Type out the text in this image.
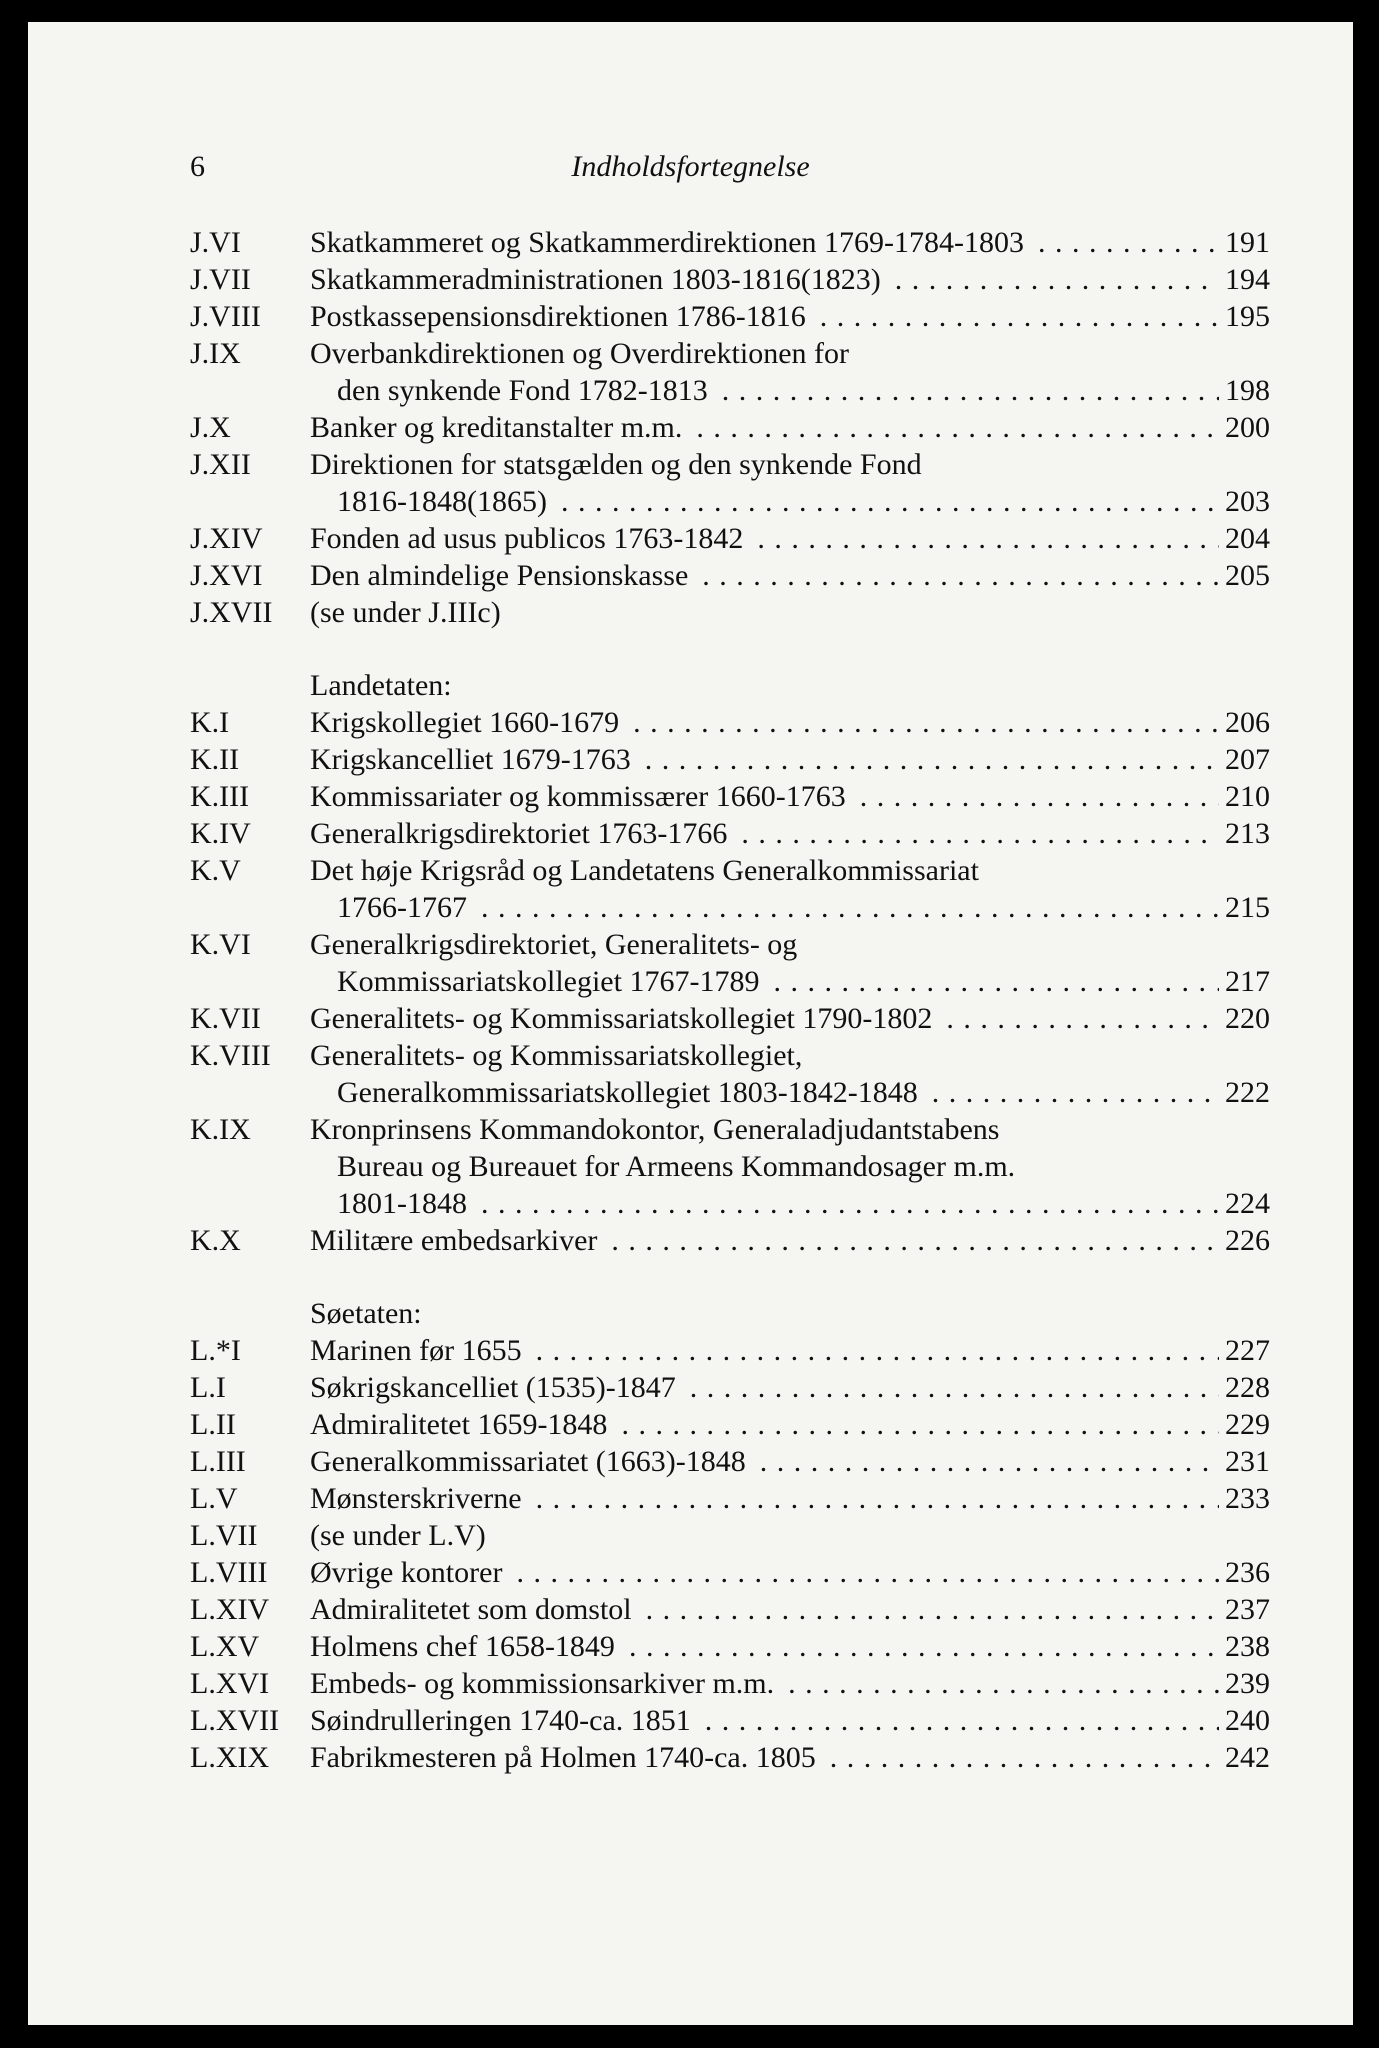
6	Indholdsfortegnelse
J.VI Skatkammeret og Skatkammerdirektionen 1769-1784-1803 . . .	191
J.VII Skatkammeradministrationen 1803-1816(1823) . . .	194
J.VIII Postkassepensionsdirektionen 1786-1816 . . .	195
J.IX Overbankdirektionen og Overdirektionen for
den synkende Fond 1782-1813 . . .	198
J.X	Banker og kreditanstalter m.m. . . .	200
J.XII Direktionen for statsgælden og den synkende Fond
1816-1848(1865) . . .	203
J.XIV Fonden ad usus publicos 1763-1842 . . .	204
J.XVI Den almindelige Pensionskasse . . .	205
J.XVII (se under J.IIIc)
Landetaten:
K.I	Krigskollegiet 1660-1679 . . .	206
K.II Krigskancelliet 1679-1763 . . .	207
K.III Kommissariater og kommissærer 1660-1763 . . .	210
K.IV Generalkrigsdirektoriet 1763-1766 . . .	213
K.V Det høje Krigsråd og Landetatens Generalkommissariat
1766-1767 . . .	215
K.VI Generalkrigsdirektoriet, Generalitets- og
Kommissariatskollegiet 1767-1789 . . .	217
K.VII Generalitets- og Kommissariatskollegiet 1790-1802 . . .	220
K.VIII Generalitets- og Kommissariatskollegiet,
Generalkommissariatskollegiet 1803-1842-1848 . . .	222
K.IX Kronprinsens Kommandokontor, Generaladjudantstabens
Bureau og Bureauet for Armeens Kommandosager m.m.
1801-1848 . . .	224
K.X Militære embedsarkiver . . .	226
Søetaten:
L.*I Marinen før 1655 . . .	227
L.I	Søkrigskancelliet (1535)-1847 . . .	228
L.II Admiralitetet 1659-1848 . . .	229
L.III Generalkommissariatet (1663)-1848 . . .	231
L.V Mønsterskriverne . . .	233
L.VII (se under L.V)
L.VIII Øvrige kontorer . . .	236
L.XIV Admiralitetet som domstol . . .	237
L.XV Holmens chef 1658-1849 . . .	238
L.XVI Embeds- og kommissionsarkiver m.m. . . .	239
L.XVII Søindrulleringen 1740-ca. 1851 . . .	240
L.XIX Fabrikmesteren på Holmen 1740-ca. 1805 . . .	242
